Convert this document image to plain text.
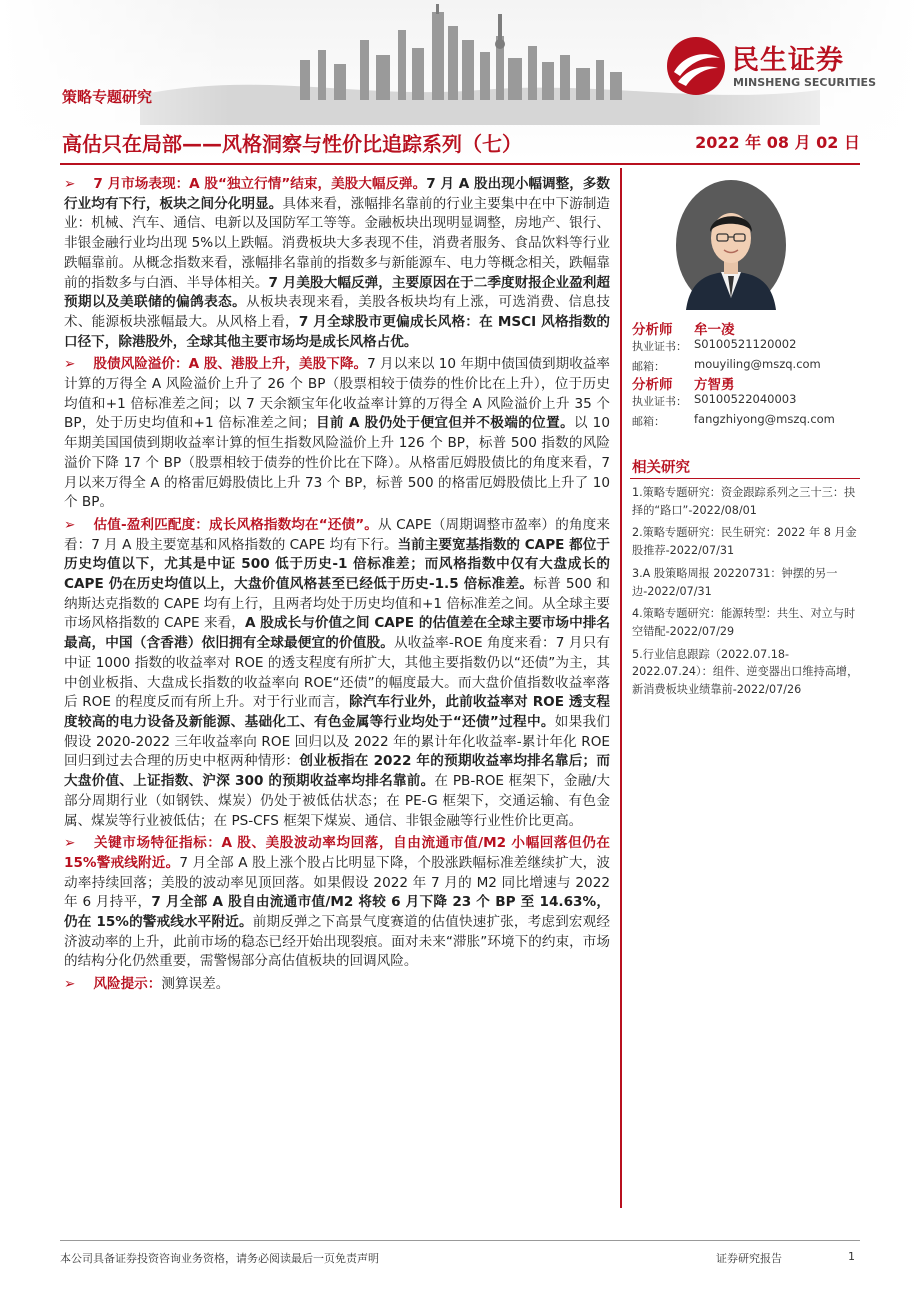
民生证券
MINSHENG SECURITIES
策略专题研究
高估只在局部——风格洞察与性价比追踪系列（七）	2022 年 08 月 02 日
➢ 7 月市场表现：A 股“独立行情”结束，美股大幅反弹。7 月 A 股出现小幅调整，多数行业均有下行，板块之间分化明显。具体来看，涨幅排名靠前的行业主要集中在中下游制造业：机械、汽车、通信、电新以及国防军工等等。金融板块出现明显调整，房地产、银行、非银金融行业均出现 5%以上跌幅。消费板块大多表现不佳，消费者服务、食品饮料等行业跌幅靠前。从概念指数来看，涨幅排名靠前的指数多与新能源车、电力等概念相关，跌幅靠前的指数多与白酒、半导体相关。7 月美股大幅反弹，主要原因在于二季度财报企业盈利超预期以及美联储的偏鸽表态。从板块表现来看，美股各板块均有上涨，可选消费、信息技术、能源板块涨幅最大。从风格上看，7 月全球股市更偏成长风格：在 MSCI 风格指数的口径下，除港股外，全球其他主要市场均是成长风格占优。
➢ 股债风险溢价：A 股、港股上升，美股下降。7 月以来以 10 年期中债国债到期收益率计算的万得全 A 风险溢价上升了 26 个 BP（股票相较于债券的性价比在上升），位于历史均值和+1 倍标准差之间；以 7 天余额宝年化收益率计算的万得全 A 风险溢价上升 35 个 BP，处于历史均值和+1 倍标准差之间；目前 A 股仍处于便宜但并不极端的位置。以 10 年期美国国债到期收益率计算的恒生指数风险溢价上升 126 个 BP，标普 500 指数的风险溢价下降 17 个 BP（股票相较于债券的性价比在下降）。从格雷厄姆股债比的角度来看，7 月以来万得全 A 的格雷厄姆股债比上升 73 个 BP，标普 500 的格雷厄姆股债比上升了 10 个 BP。
➢ 估值-盈利匹配度：成长风格指数均在“还债”。从 CAPE（周期调整市盈率）的角度来看：7 月 A 股主要宽基和风格指数的 CAPE 均有下行。当前主要宽基指数的 CAPE 都位于历史均值以下，尤其是中证 500 低于历史-1 倍标准差；而风格指数中仅有大盘成长的 CAPE 仍在历史均值以上，大盘价值风格甚至已经低于历史-1.5 倍标准差。标普 500 和纳斯达克指数的 CAPE 均有上行，且两者均处于历史均值和+1 倍标准差之间。从全球主要市场风格指数的 CAPE 来看，A 股成长与价值之间 CAPE 的估值差在全球主要市场中排名最高，中国（含香港）依旧拥有全球最便宜的价值股。从收益率-ROE 角度来看：7 月只有中证 1000 指数的收益率对 ROE 的透支程度有所扩大，其他主要指数仍以“还债”为主，其中创业板指、大盘成长指数的收益率向 ROE“还债”的幅度最大。而大盘价值指数收益率落后 ROE 的程度反而有所上升。对于行业而言，除汽车行业外，此前收益率对 ROE 透支程度较高的电力设备及新能源、基础化工、有色金属等行业均处于“还债”过程中。如果我们假设 2020-2022 三年收益率向 ROE 回归以及 2022 年的累计年化收益率-累计年化 ROE 回归到过去合理的历史中枢两种情形：创业板指在 2022 年的预期收益率均排名靠后；而大盘价值、上证指数、沪深 300 的预期收益率均排名靠前。在 PB-ROE 框架下，金融/大部分周期行业（如钢铁、煤炭）仍处于被低估状态；在 PE-G 框架下，交通运输、有色金属、煤炭等行业被低估；在 PS-CFS 框架下煤炭、通信、非银金融等行业性价比更高。
➢ 关键市场特征指标：A 股、美股波动率均回落，自由流通市值/M2 小幅回落但仍在 15%警戒线附近。7 月全部 A 股上涨个股占比明显下降，个股涨跌幅标准差继续扩大，波动率持续回落；美股的波动率见顶回落。如果假设 2022 年 7 月的 M2 同比增速与 2022 年 6 月持平，7 月全部 A 股自由流通市值/M2 将较 6 月下降 23 个 BP 至 14.63%，仍在 15%的警戒线水平附近。前期反弹之下高景气度赛道的估值快速扩张，考虑到宏观经济波动率的上升，此前市场的稳态已经开始出现裂痕。面对未来“滞胀”环境下的约束，市场的结构分化仍然重要，需警惕部分高估值板块的回调风险。
➢ 风险提示：测算误差。
分析师 牟一凌
执业证书： S0100521120002
邮箱：	mouyiling@mszq.com
分析师 方智勇
执业证书： S0100522040003
邮箱：	fangzhiyong@mszq.com
相关研究
1.策略专题研究：资金跟踪系列之三十三：抉择的“路口”-2022/08/01
2.策略专题研究：民生研究：2022 年 8 月金股推荐-2022/07/31
3.A 股策略周报 20220731：钟摆的另一边-2022/07/31
4.策略专题研究：能源转型：共生、对立与时空错配-2022/07/29
5.行业信息跟踪（2022.07.18-2022.07.24）：组件、逆变器出口维持高增，新消费板块业绩靠前-2022/07/26
本公司具备证券投资咨询业务资格，请务必阅读最后一页免责声明	证券研究报告	1
